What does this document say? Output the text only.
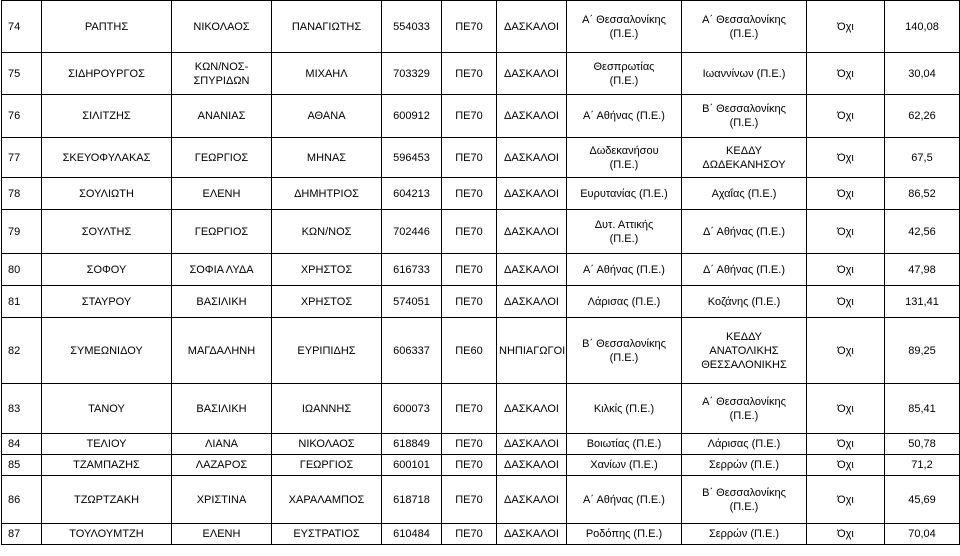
74	ΡΑΠΤΗΣ	ΝΙΚΟΛΑΟΣ	ΠΑΝΑΓΙΩΤΗΣ	554033	ΠΕ70	ΔΑΣΚΑΛΟΙ	Α΄ Θεσσαλονίκης
(Π.Ε.)	Α΄ Θεσσαλονίκης
(Π.Ε.)	Όχι	140,08
75	ΣΙΔΗΡΟΥΡΓΟΣ	ΚΩΝ/ΝΟΣ-
ΣΠΥΡΙΔΩΝ	ΜΙΧΑΗΛ	703329	ΠΕ70	ΔΑΣΚΑΛΟΙ	Θεσπρωτίας
(Π.Ε.)	Ιωαννίνων (Π.Ε.)	Όχι	30,04
76	ΣΙΛΙΤΖΗΣ	ΑΝΑΝΙΑΣ	ΑΘΑΝΑ	600912	ΠΕ70	ΔΑΣΚΑΛΟΙ	Α΄ Αθήνας (Π.Ε.)	Β΄ Θεσσαλονίκης
(Π.Ε.)	Όχι	62,26
77	ΣΚΕΥΟΦΥΛΑΚΑΣ	ΓΕΩΡΓΙΟΣ	ΜΗΝΑΣ	596453	ΠΕ70	ΔΑΣΚΑΛΟΙ	Δωδεκανήσου
(Π.Ε.)	ΚΕΔΔΥ
ΔΩΔΕΚΑΝΗΣΟΥ	Όχι	67,5
78	ΣΟΥΛΙΩΤΗ	ΕΛΕΝΗ	ΔΗΜΗΤΡΙΟΣ	604213	ΠΕ70	ΔΑΣΚΑΛΟΙ	Ευρυτανίας (Π.Ε.)	Αχαΐας (Π.Ε.)	Όχι	86,52
79	ΣΟΥΛΤΗΣ	ΓΕΩΡΓΙΟΣ	ΚΩΝ/ΝΟΣ	702446	ΠΕ70	ΔΑΣΚΑΛΟΙ	Δυτ. Αττικής
(Π.Ε.)	Δ΄ Αθήνας (Π.Ε.)	Όχι	42,56
80	ΣΟΦΟΥ	ΣΟΦΙΑ ΛΥΔΑ	ΧΡΗΣΤΟΣ	616733	ΠΕ70	ΔΑΣΚΑΛΟΙ	Α΄ Αθήνας (Π.Ε.)	Δ΄ Αθήνας (Π.Ε.)	Όχι	47,98
81	ΣΤΑΥΡΟΥ	ΒΑΣΙΛΙΚΗ	ΧΡΗΣΤΟΣ	574051	ΠΕ70	ΔΑΣΚΑΛΟΙ	Λάρισας (Π.Ε.)	Κοζάνης (Π.Ε.)	Όχι	131,41
82	ΣΥΜΕΩΝΙΔΟΥ	ΜΑΓΔΑΛΗΝΗ	ΕΥΡΙΠΙΔΗΣ	606337	ΠΕ60	ΝΗΠΙΑΓΩΓΟΙ	Β΄ Θεσσαλονίκης
(Π.Ε.)	ΚΕΔΔΥ
ΑΝΑΤΟΛΙΚΗΣ
ΘΕΣΣΑΛΟΝΙΚΗΣ	Όχι	89,25
83	ΤΑΝΟΥ	ΒΑΣΙΛΙΚΗ	ΙΩΑΝΝΗΣ	600073	ΠΕ70	ΔΑΣΚΑΛΟΙ	Κιλκίς (Π.Ε.)	Α΄ Θεσσαλονίκης
(Π.Ε.)	Όχι	85,41
84	ΤΕΛΙΟΥ	ΛΙΑΝΑ	ΝΙΚΟΛΑΟΣ	618849	ΠΕ70	ΔΑΣΚΑΛΟΙ	Βοιωτίας (Π.Ε.)	Λάρισας (Π.Ε.)	Όχι	50,78
85	ΤΖΑΜΠΑΖΗΣ	ΛΑΖΑΡΟΣ	ΓΕΩΡΓΙΟΣ	600101	ΠΕ70	ΔΑΣΚΑΛΟΙ	Χανίων (Π.Ε.)	Σερρών (Π.Ε.)	Όχι	71,2
86	ΤΖΩΡΤΖΑΚΗ	ΧΡΙΣΤΙΝΑ	ΧΑΡΑΛΑΜΠΟΣ	618718	ΠΕ70	ΔΑΣΚΑΛΟΙ	Α΄ Αθήνας (Π.Ε.)	Β΄ Θεσσαλονίκης
(Π.Ε.)	Όχι	45,69
87	ΤΟΥΛΟΥΜΤΖΗ	ΕΛΕΝΗ	ΕΥΣΤΡΑΤΙΟΣ	610484	ΠΕ70	ΔΑΣΚΑΛΟΙ	Ροδόπης (Π.Ε.)	Σερρών (Π.Ε.)	Όχι	70,04
